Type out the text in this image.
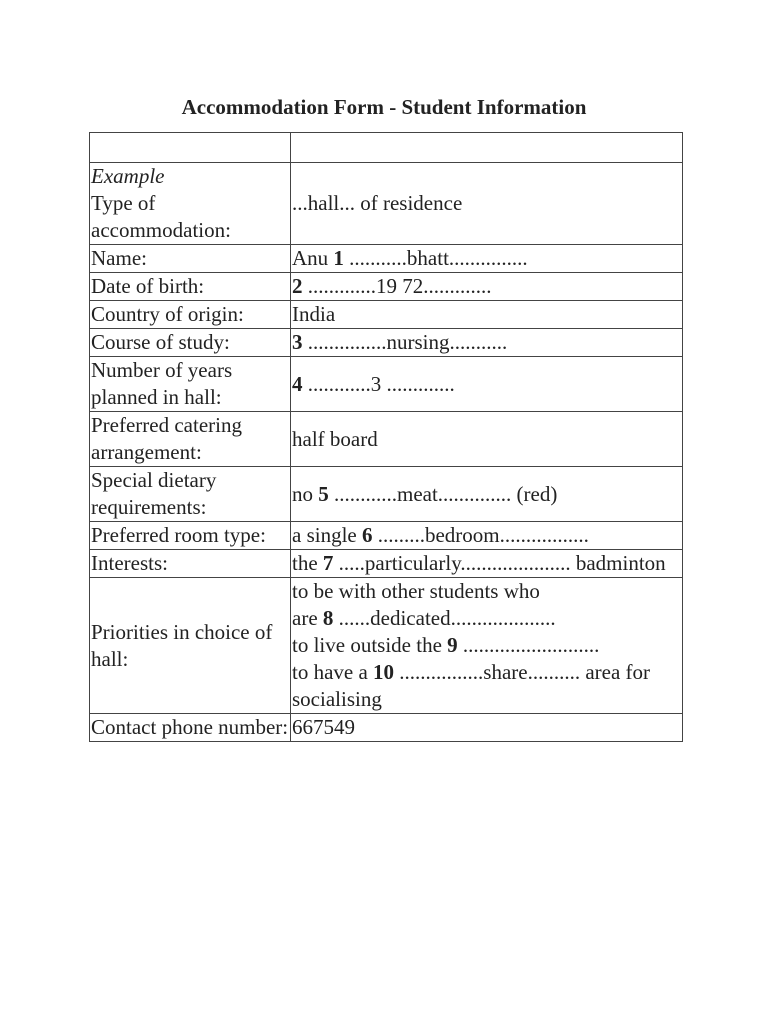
Accommodation Form - Student Information

Example
Type of accommodation:	...hall... of residence
Name:	Anu 1 ...........bhatt...............
Date of birth:	2 .............19 72.............
Country of origin:	India
Course of study:	3 ...............nursing...........
Number of years planned in hall:	4 ............3 .............
Preferred catering arrangement:	half board
Special dietary requirements:	no 5 ............meat.............. (red)
Preferred room type:	a single 6 .........bedroom.................
Interests:	the 7 .....particularly..................... badminton
Priorities in choice of hall:	to be with other students who
are 8 ......dedicated....................
to live outside the 9 ..........................
to have a 10 ................share.......... area for socialising

Contact phone number:	667549
